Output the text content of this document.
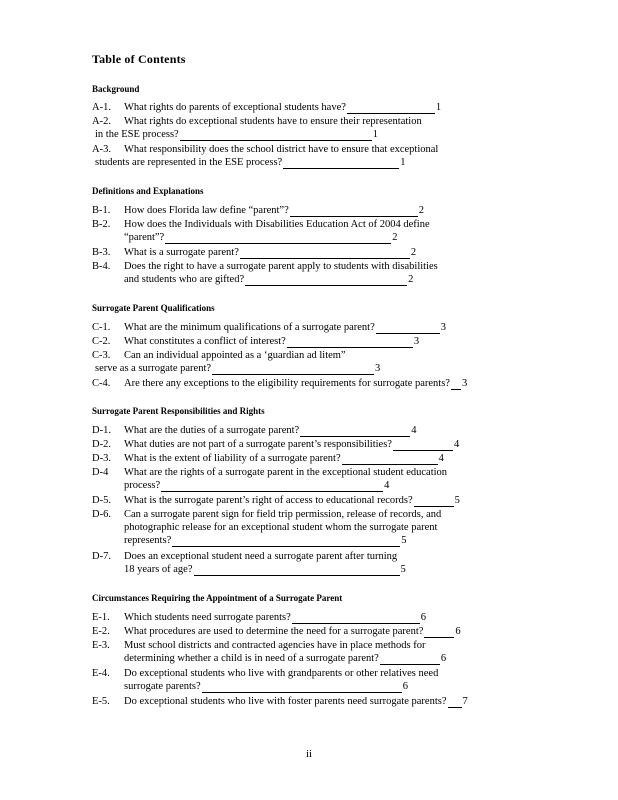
Table of Contents
Background
A-1.	What rights do parents of exceptional students have?	1
A-2.	What rights do exceptional students have to ensure their representation
in the ESE process?	1
A-3.	What responsibility does the school district have to ensure that exceptional
students are represented in the ESE process?	1
Definitions and Explanations
B-1.	How does Florida law define “parent”?	2
B-2.	How does the Individuals with Disabilities Education Act of 2004 define
“parent”?	2
B-3.	What is a surrogate parent?	2
B-4.	Does the right to have a surrogate parent apply to students with disabilities
and students who are gifted?	2
Surrogate Parent Qualifications
C-1.	What are the minimum qualifications of a surrogate parent?	3
C-2.	What constitutes a conflict of interest?	3
C-3.	Can an individual appointed as a ‘guardian ad litem”
serve as a surrogate parent?	3
C-4.	Are there any exceptions to the eligibility requirements for surrogate parents? 3
Surrogate Parent Responsibilities and Rights
D-1.	What are the duties of a surrogate parent?	4
D-2.	What duties are not part of a surrogate parent’s responsibilities?	4
D-3.	What is the extent of liability of a surrogate parent?	4
D-4	What are the rights of a surrogate parent in the exceptional student education
process?	4
D-5.	What is the surrogate parent’s right of access to educational records?	5
D-6.	Can a surrogate parent sign for field trip permission, release of records, and
photographic release for an exceptional student whom the surrogate parent
represents?	5
D-7.	Does an exceptional student need a surrogate parent after turning
18 years of age?	5
Circumstances Requiring the Appointment of a Surrogate Parent
E-1.	Which students need surrogate parents?	6
E-2.	What procedures are used to determine the need for a surrogate parent?	6
E-3.	Must school districts and contracted agencies have in place methods for
determining whether a child is in need of a surrogate parent?	6
E-4.	Do exceptional students who live with grandparents or other relatives need
surrogate parents?	6
E-5.	Do exceptional students who live with foster parents need surrogate parents? 7
ii
